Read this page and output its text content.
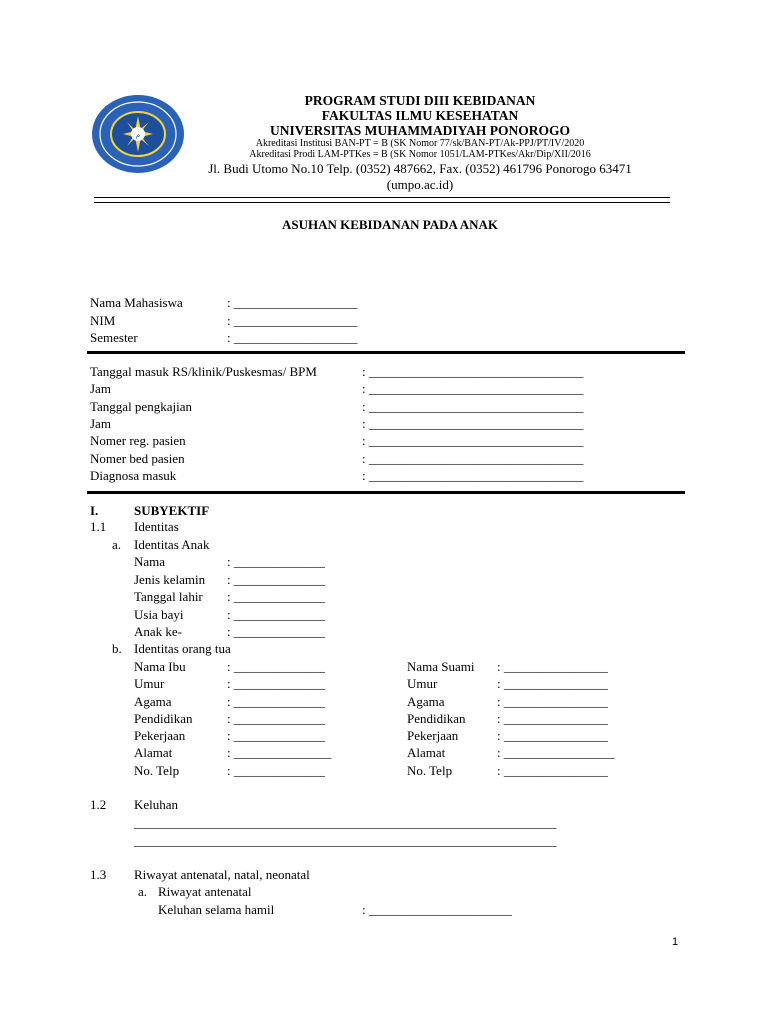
م
PROGRAM STUDI DIII KEBIDANAN
FAKULTAS ILMU KESEHATAN
UNIVERSITAS MUHAMMADIYAH PONOROGO
Akreditasi Institusi BAN-PT = B (SK Nomor 77/sk/BAN-PT/Ak-PPJ/PT/IV/2020
Akreditasi Prodi LAM-PTKes = B (SK Nomor 1051/LAM-PTKes/Akr/Dip/XII/2016
Jl. Budi Utomo No.10 Telp. (0352) 487662, Fax. (0352) 461796 Ponorogo 63471
(umpo.ac.id)
ASUHAN KEBIDANAN PADA ANAK
Nama Mahasiswa	: ___________________
NIM	: ___________________
Semester	: ___________________
Tanggal masuk RS/klinik/Puskesmas/ BPM	: _________________________________
Jam	: _________________________________
Tanggal pengkajian	: _________________________________
Jam	: _________________________________
Nomer reg. pasien	: _________________________________
Nomer bed pasien	: _________________________________
Diagnosa masuk	: _________________________________
I.	SUBYEKTIF
1.1 Identitas
a. Identitas Anak
Nama	: ______________
Jenis kelamin : ______________
Tanggal lahir : ______________
Usia bayi	: ______________
Anak ke-	: ______________
b. Identitas orang tua
Nama Ibu	: ______________
Umur	: ______________
Agama	: ______________
Pendidikan	: ______________
Pekerjaan	: ______________
Alamat	: _______________
No. Telp	: ______________
Nama Suami : ________________
Umur	: ________________
Agama	: ________________
Pendidikan : ________________
Pekerjaan	: ________________
Alamat	: _________________
No. Telp	: ________________
1.2 Keluhan
_________________________________________________________________
_________________________________________________________________
1.3 Riwayat antenatal, natal, neonatal
a. Riwayat antenatal
Keluhan selama hamil	: ______________________
1
